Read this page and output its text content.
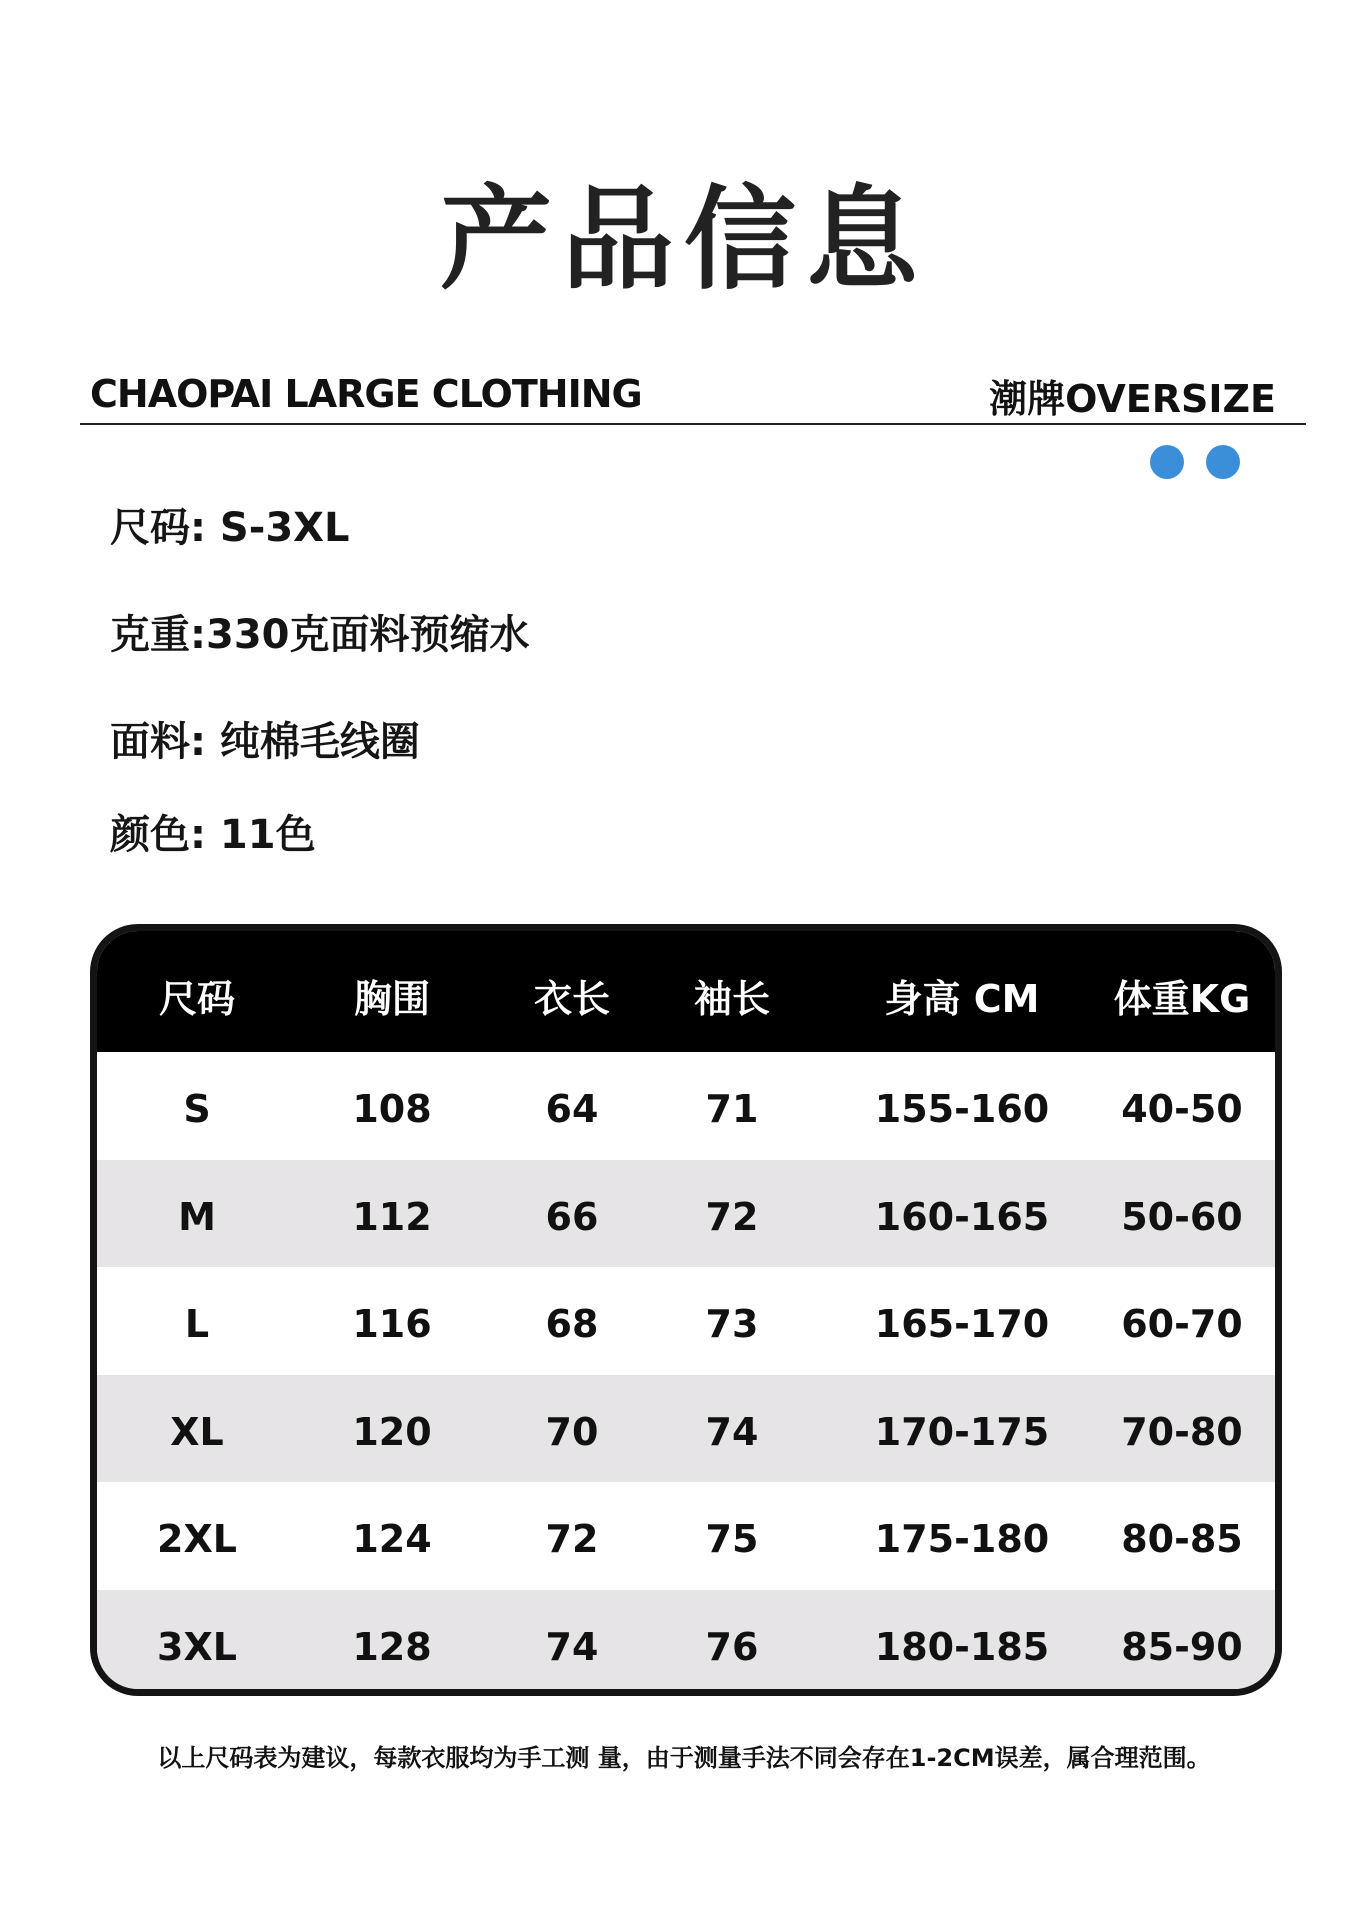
产品信息
CHAOPAI LARGE CLOTHING	潮牌OVERSIZE
尺码: S-3XL
克重:330克面料预缩水
面料: 纯棉毛线圈
颜色: 11色
尺码	胸围	衣长	袖长	身高 CM	体重KG
S	108	64	71	155-160	40-50
M	112	66	72	160-165	50-60
L	116	68	73	165-170	60-70
XL	120	70	74	170-175	70-80
2XL	124	72	75	175-180	80-85
3XL	128	74	76	180-185	85-90
以上尺码表为建议，每款衣服均为手工测 量，由于测量手法不同会存在1-2CM误差，属合理范围。
